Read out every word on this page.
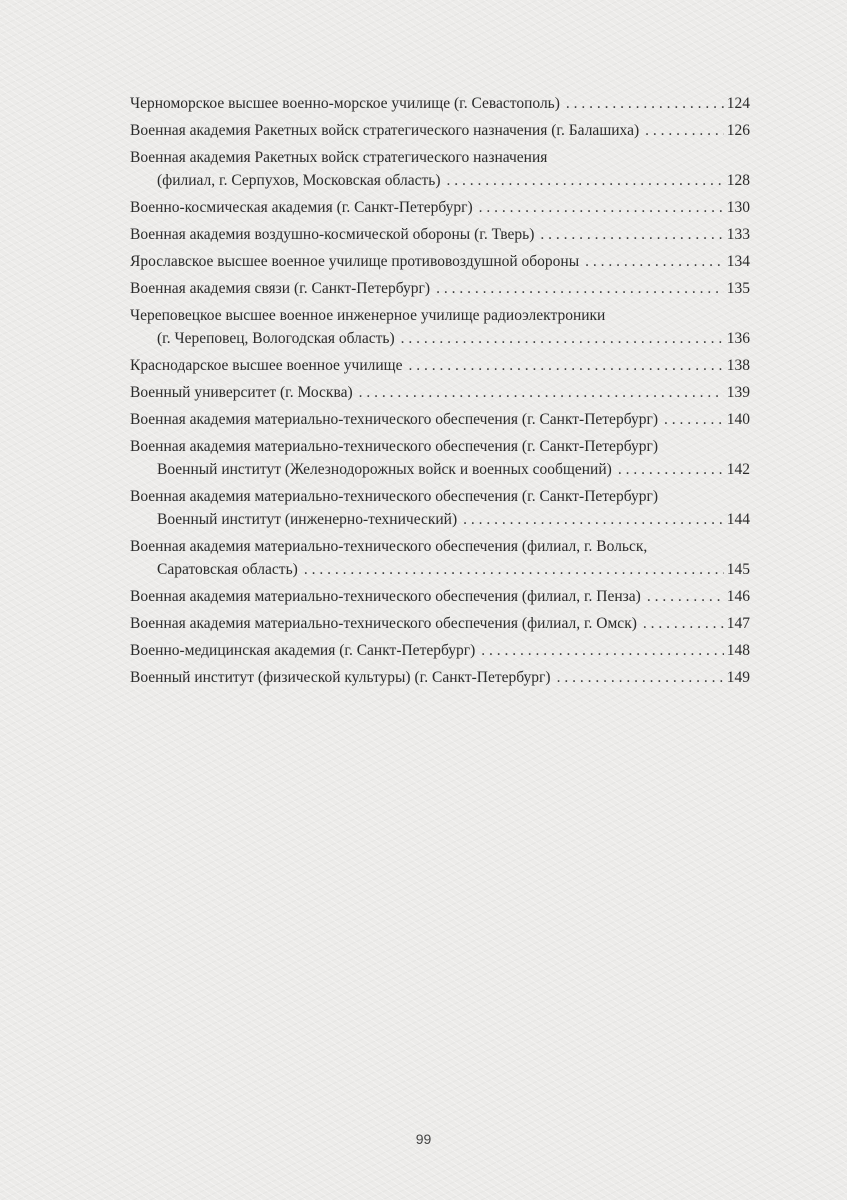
Черноморское высшее военно-морское училище (г. Севастополь) . . .	124
Военная академия Ракетных войск стратегического назначения (г. Балашиха) . . .	126
Военная академия Ракетных войск стратегического назначения
(филиал, г. Серпухов, Московская область) . . .	128
Военно-космическая академия (г. Санкт-Петербург) . . .	130
Военная академия воздушно-космической обороны (г. Тверь) . . .	133
Ярославское высшее военное училище противовоздушной обороны . . .	134
Военная академия связи (г. Санкт-Петербург) . . .	135
Череповецкое высшее военное инженерное училище радиоэлектроники
(г. Череповец, Вологодская область) . . .	136
Краснодарское высшее военное училище . . .	138
Военный университет (г. Москва) . . .	139
Военная академия материально-технического обеспечения (г. Санкт-Петербург) . . .	140
Военная академия материально-технического обеспечения (г. Санкт-Петербург)
Военный институт (Железнодорожных войск и военных сообщений) . . .	142
Военная академия материально-технического обеспечения (г. Санкт-Петербург)
Военный институт (инженерно-технический) . . .	144
Военная академия материально-технического обеспечения (филиал, г. Вольск,
Саратовская область) . . .	145
Военная академия материально-технического обеспечения (филиал, г. Пенза) . . .	146
Военная академия материально-технического обеспечения (филиал, г. Омск) . . .	147
Военно-медицинская академия (г. Санкт-Петербург) . . .	148
Военный институт (физической культуры) (г. Санкт-Петербург) . . .	149
99
